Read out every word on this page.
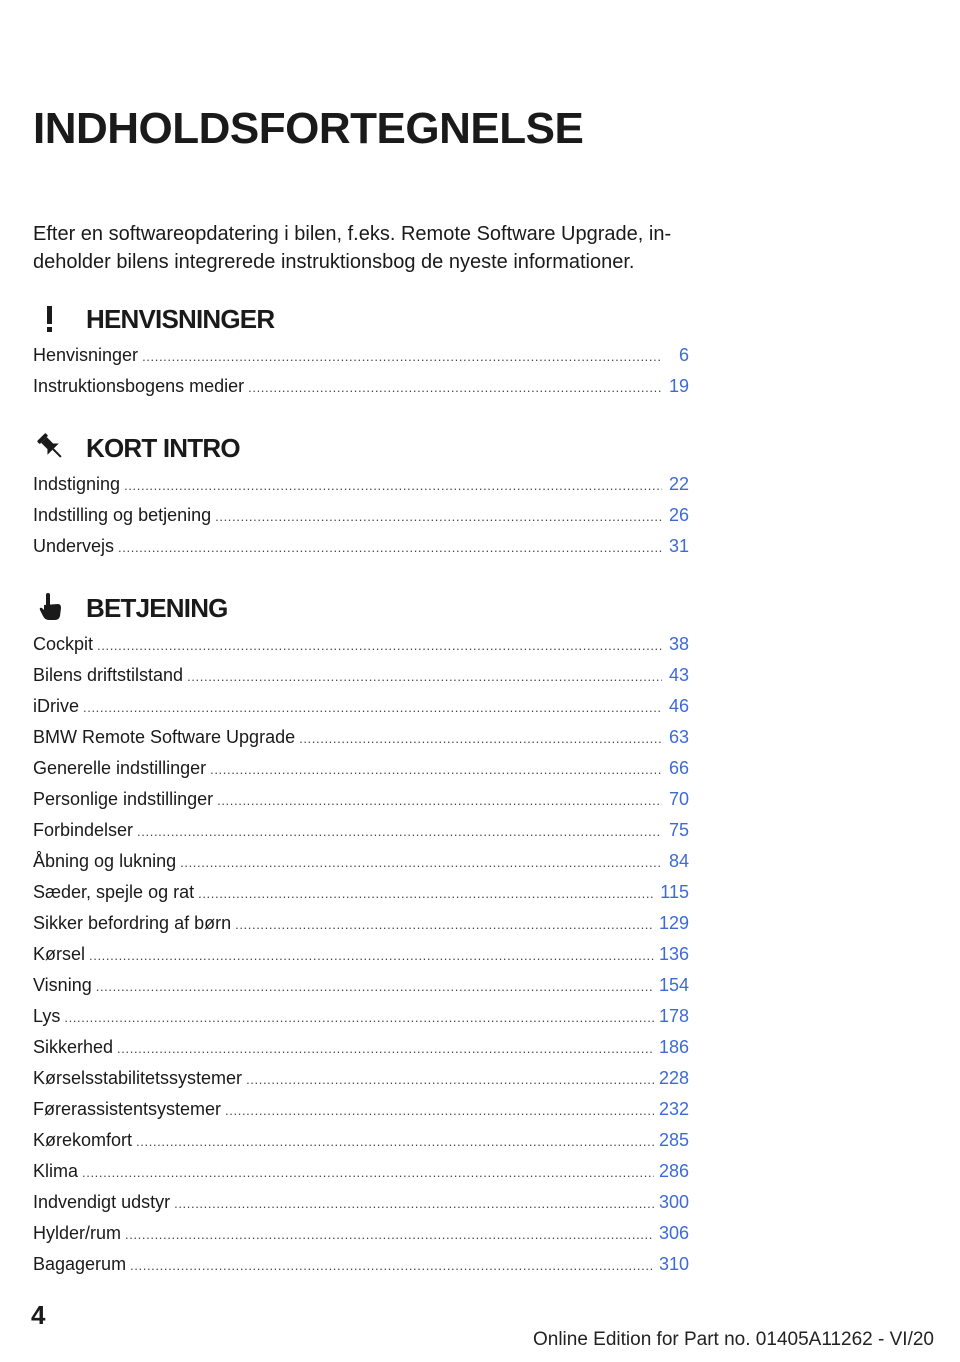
INDHOLDSFORTEGNELSE

Efter en softwareopdatering i bilen, f.eks. Remote Software Upgrade, in- deholder bilens integrerede instruktionsbog de nyeste informationer.

HENVISNINGER
Henvisninger . . .	6
Instruktionsbogens medier . . .	19
KORT INTRO
Indstigning . . .	22
Indstilling og betjening . . .	26
Undervejs . . .	31
BETJENING
Cockpit . . .	38
Bilens driftstilstand . . .	43
iDrive . . .	46
BMW Remote Software Upgrade . . .	63
Generelle indstillinger . . .	66
Personlige indstillinger . . .	70
Forbindelser . . .	75
Åbning og lukning . . .	84
Sæder, spejle og rat . . .	115
Sikker befordring af børn . . .	129
Kørsel . . .	136
Visning . . .	154
Lys . . .	178
Sikkerhed . . .	186
Kørselsstabilitetssystemer . . .	228
Førerassistentsystemer . . .	232
Kørekomfort . . .	285
Klima . . .	286
Indvendigt udstyr . . .	300
Hylder/rum . . .	306
Bagagerum . . .	310
4
Online Edition for Part no. 01405A11262 - VI/20
